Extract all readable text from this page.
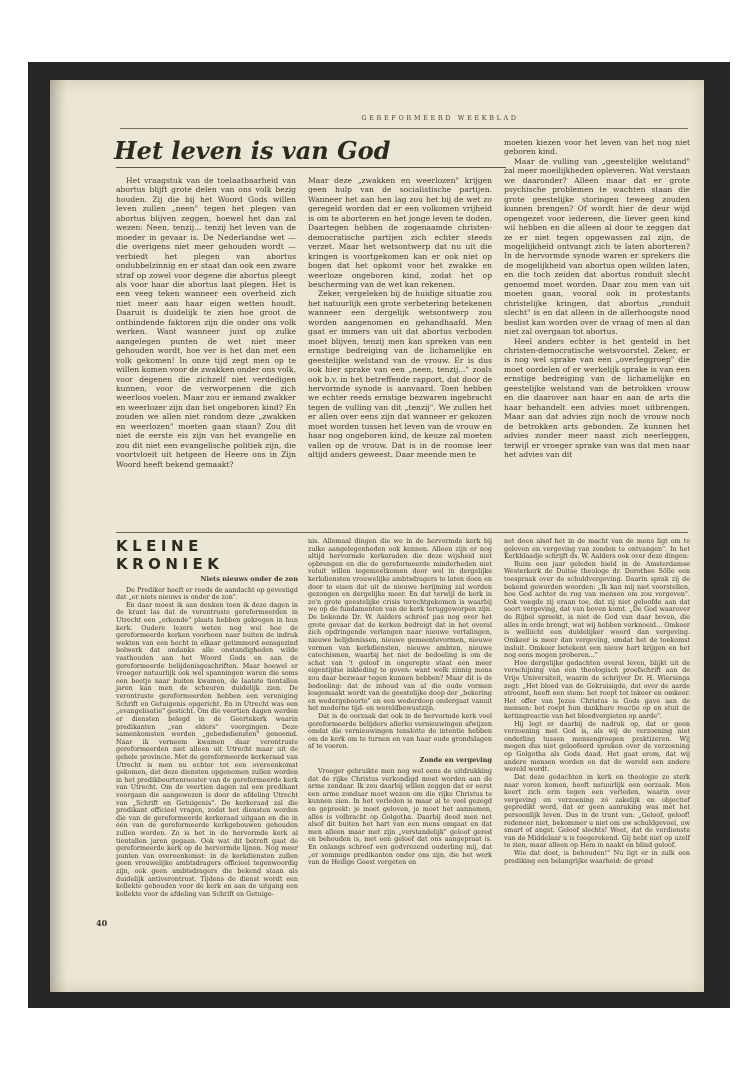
GEREFORMEERD WEEKBLAD
Het leven is van God

Het vraagstuk van de toelaatbaarheid van abortus blijft grote delen van ons volk bezig houden. Zij die bij het Woord Gods willen leven zullen „neen" tegen het plegen van abortus blijven zeggen, hoewel het dan zal wezen: Neen, tenzij... tenzij het leven van de moeder in gevaar is. De Nederlandse wet — die overigens niet meer gehouden wordt — verbiedt het plegen van abortus ondubbelzinnig en er staat dan ook een zware straf op zowel voor degene die abortus pleegt als voor haar die abortus laat plegen. Het is een veeg teken wanneer een overheid zich niet meer aan haar eigen wetten houdt. Daaruit is duidelijk te zien hoe groot de ontbindende faktoren zijn die onder ons volk werken. Want wanneer juist op zulke aangelegen punten de wet niet meer gehouden wordt, hoe ver is het dan met een volk gekomen! In onze tijd zegt men op te willen komen voor de zwakken onder ons volk, voor degenen die zichzelf niet verdedigen kunnen, voor de verworpenen die zich weerloos voelen. Maar zou er iemand zwakker en weerlozer zijn dan het ongeboren kind? En zouden we allen niet rondom deze „zwakken en weerlozen" moeten gaan staan? Zou dit niet de eerste eis zijn van het evangelie en zou dit niet een evangelische politiek zijn, die voortvloeit uit hetgeen de Heere ons in Zijn Woord heeft bekend gemaakt?

Maar deze „zwakken en weerlozen" krijgen geen hulp van de socialistische partijen. Wanneer het aan hen lag zou het bij de wet zo geregeld worden dat er een volkomen vrijheid is om te aborteren en het jonge leven te doden. Daartegen hebben de zogenaamde christen-democratische partijen zich echter steeds verzet. Maar het wetsontwerp dat nu uit die kringen is voortgekomen kan er ook niet op bogen dat het opkomt voor het zwakke en weerloze ongeboren kind, zodat het op bescherming van de wet kan rekenen.

Zeker, vergeleken bij de huidige situatie zou het natuurlijk een grote verbetering betekenen wanneer een dergelijk wetsontwerp zou worden aangenomen en gehandhaafd. Men gaat er immers van uit dat abortus verboden moet blijven, tenzij men kan spreken van een ernstige bedreiging van de lichamelijke en geestelijke welstand van de vrouw. Er is dus ook hier sprake van een „neen, tenzij..." zoals ook b.v. in het betreffende rapport, dat door de hervormde synode is aanvaard. Toen hebben we echter reeds ernstige bezwaren ingebracht tegen de vulling van dit „tenzij". We zullen het er allen over eens zijn dat wanneer er gekozen moet worden tussen het leven van de vrouw en haar nog ongeboren kind, de keuze zal moeten vallen op de vrouw. Dat is in de roomse leer altijd anders geweest. Daar meende men te

moeten kiezen voor het leven van het nog niet geboren kind.

Maar de vulling van „geestelijke welstand" zal meer moeilijkheden opleveren. Wat verstaan we daaronder? Alleen maar dat er grote psychische problemen te wachten staan die grote geestelijke storingen teweeg zouden kunnen brengen? Of wordt hier de deur wijd opengezet voor iedereen, die liever geen kind wil hebben en die alleen al door te zeggen dat ze er niet tegen opgewassen zal zijn, de mogelijkheid ontvangt zich te laten aborteren? In de hervormde synode waren er sprekers die de mogelijkheid van abortus open wilden laten, en die toch zeiden dat abortus ronduit slecht genoemd moet worden. Daar zou men van uit moeten gaan, vooral ook in protestants christelijke kringen, dat abortus „ronduit slecht" is en dat alleen in de allerhoogste nood beslist kan worden over de vraag of men al dan niet zal overgaan tot abortus.

Heel anders echter is het gesteld in het christen-democratische wetsvoorstel. Zeker, er is nog wel sprake van een „overleggroep" die moet oordelen of er werkelijk sprake is van een ernstige bedreiging van de lichamelijke en geestelijke welstand van de betrokken vrouw en die daarover aan haar en aan de arts die haar behandelt een advies moet uitbrengen. Maar aan dat advies zijn noch de vrouw noch de betrokken arts gebonden. Ze kunnen het advies zonder meer naast zich neerleggen, terwijl er vroeger sprake van was dat men naar het advies van dit

KLEINE KRONIEK
Niets nieuws onder de zon

De Prediker heeft er reeds de aandacht op gevestigd dat „er niets nieuws is onder de zon".

En daar moest ik aan denken toen ik deze dagen in de krant las dat de verontruste gereformeerden in Utrecht een „erkende" plaats hebben gekregen in hun kerk. Oudere lezers weten nog wel hoe de gereformeerde kerken voorheen naar buiten de indruk wekten van een hecht in elkaar getimmerd eensgezind bolwerk dat ondanks alle onstandigheden wilde vasthouden aan het Woord Gods en aan de gereformeerde belijdenisgeschriften. Maar hoewel er vroeger natuurlijk ook wel spanningen waren die soms een beetje naar buiten kwamen, de laatste tientallen jaren kan men de scheuren duidelijk zien. De verontruste gereformeerden hebben een vereniging Schrift en Getuigenis opgericht. En in Utrecht was een „evangelisatie" gesticht. Om die veertien dagen werden er diensten belegd in de Geertekerk waarin predikanten „van elders" voorgingen. Deze samenkomsten werden „gebedsdiensten" genoemd. Naar ik verneem kwamen daar verontruste gereformeerden niet alleen uit Utrecht maar uit de gehele provincie. Met de gereformeerde kerkeraad van Utrecht is men nu echter tot een overeenkomst gekomen, dat deze diensten opgenomen zullen worden in het predikbeurtenrooster van de gereformeerde kerk van Utrecht. Om de veertien dagen zal een predikant voorgaan die aangewezen is door de afdeling Utrecht van „Schrift en Getuigenis". De kerkeraad zal die predikant officieel vragen, zodat het diensten worden die van de gereformeerde kerkeraad uitgaan en die in één van de gereformeerde kerkgebouwen gehouden zullen worden. Zo is het in de hervormde kerk al tientallen jaren gegaan. Ook wat dit betreft gaat de gereformeerde kerk op de hervormde lijnen. Nog meer punten van overeenkomst: in de kerkdiensten zullen geen vrouwelijke ambtsdragers officieel tegenwoordig zijn, ook geen ambtsdragers die bekend staan als duidelijk antiverontrust. Tijdens de dienst wordt een kollekte gehouden voor de kerk en aan de uitgang een kollekte voor de afdeling van Schrift en Getuige-

nis. Allemaal dingen die we in de hervormde kerk bij zulke aangelegenheden ook kennen. Alleen zijn er nog altijd hervormde kerkeraden die deze wijsheid niet opbrengen en die de gereformeerde minderheden niet voluit willen tegemoetkomen door wel in dergelijke kerkdiensten vrouwelijke ambtsdragers te laten doen en door te eisen dat uit de nieuwe berijming zal worden gezongen en dergelijke meer. En dat terwijl de kerk in zo'n grote geestelijke crisis terechtgekomen is waarbij we op de fundamenten van de kerk teruggeworpen zijn. De bekende Dr. W. Aalders schreef pas nog over het grote gevaar dat de kerken bedreigt dat in het overal zich opdringende verlangen naar nieuwe vertalingen, nieuwe belijdenissen, nieuwe gemeentevormen, nieuwe vormen van kerkdiensten, nieuwe ambten, nieuwe catechismen, waarbij het niet de bedoeling is om de schat van 't geloof in ongerepte staat een meer eigentijdse inkleding te geven: want welk zinnig mens zou daar bezwaar tegen kunnen hebben? Maar dit is de bedoeling: dat de inhoud van al die oude vormen losgemaakt wordt van de geestelijke doop der „bekering en wedergeboorte" en een wederdoop ondergaat vanuit het moderne tijd- en wereldbewustzijn.

Dat is de oorzaak dat ook in de hervormde kerk veel gereformeerde belijders allerlei vernieuwingen afwijzen omdat die vernieuwingen tenslotte de intentie hebben om de kerk om te turnen en van haar oude grondslagen af te voeren.

Zonde en vergeving

Vroeger gebruikte men nog wel eens de uitdrukking dat de rijke Christus verkondigd moet worden aan de arme zondaar. Ik zou daarbij willen zeggen dat er eerst een arme zondaar moet wezen om die rijke Christus te kunnen zien. In het verleden is maar al te veel gezegd en gepreekt: je moet geloven, je moet het aannemen, alles is volbracht op Golgotha. Daarbij deed men net alsof dit buiten het hart van een mens omgaat en dat men alleen maar met zijn „verstandelijk" geloof gered en behouden is, met een geloof dat ons aangepraat is. En onlangs schreef een godvrezend ouderling mij, dat „er sommige predikanten onder ons zijn, die het werk van de Heilige Geest vergeten en

net doen alsof het in de macht van de mens ligt om te geloven en vergeving van zonden te ontvangen". In het Kerkblaadje schrijft ds. W. Aalders ook over deze dingen:

Ruim een jaar geleden hield in de Amsterdamse Westerkerk de Duitse theologe dr. Dorothee Sölle een toespraak over de schuldvergeving. Daarin sprak zij de bekend geworden woorden: „Ik kan mij niet voorstellen, hoe God achter de rug van mensen om zou vergeven". Ook voegde zij eraan toe, dat zij niet geloofde aan dat soort vergeving, dat van boven komt. „De God waarover de Bijbel spreekt, is niet de God van daar boven, die alles in orde brengt, wat wij hebben verknoeid... Omkeer is welliicht een duidelijker woord dan vergeving. Omkeer is meer dan vergeving, omdat het de toekomst insluit. Omkeer betekent een nieuw hart krijgen en het nog eens mogen proberen..."

Hoe dergelijke gedachten overal leven, blijkt uit de verschijning van een theologisch proefschrift aan de Vrije Universiteit, waarin de schrijver Dr. H. Wiersinga zegt: „Het bloed van de Gekruisigde, dat over de aarde stroomt, heeft een stem: het roept tot inkeer en omkeer. Het offer van Jezus Christus is Gods gave aan de mensen: het roept hun dankbare reactie op en stuit de kettingreactie van het bloedvergieten op aarde".

Hij legt er daarbij de nadruk op, dat er geen verzoening met God is, als wij de verzoening niet onderling tussen mensengroepen praktizeren. Wij mogen dus niet geloofeerd spreken over de verzoening op Golgotha als Gods daad. Het gaat erom, dat wij andere mensen worden en dat de wereld een andere wereld wordt.

Dat deze gedachten in kerk en theologie zo sterk naar voren komen, heeft natuurlijk een oorzaak. Men keert zich erin tegen een verleden, waarin over vergeving en verzoening zó zakelijk en objectief gepredikt werd, dat er geen aanraking was met het persoonlijk leven. Dus in de trant van: „Geloof, geloof! redeneer niet, bekommer u niet om uw schuldgevoel, uw smart of angst. Geloof slechts! Weet, dat de verdienste van de Middelaar u is toegerekend. Gij hebt niet op uzelf te zien, maar alleen op Hem in naakt en blind geloof.

Wie dat doet, is behouden!" Nu ligt er in zulk een prediking een belangrijke waarheid: de grond

40
